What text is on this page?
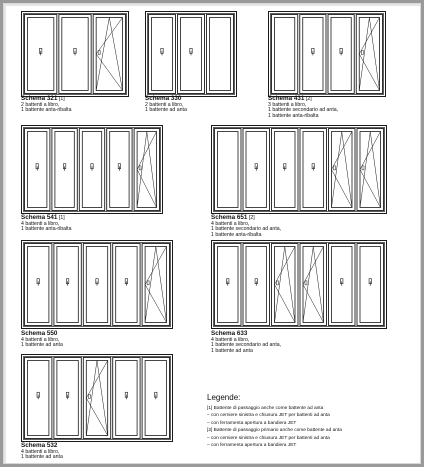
Schema 321 [1]
2 battenti a libro,
1 battente anta-ribalta
Schema 330
2 battenti a libro,
1 battente ad anta
Schema 431 [2]
3 battenti a libro,
1 battente secondario ad anta,
1 battente anta-ribalta
Schema 541 [1]
4 battenti a libro,
1 battente anta-ribalta
Schema 651 [2]
4 battenti a libro,
1 battente secondario ad anta,
1 battente anta-ribalta
Schema 550
4 battenti a libro,
1 battente ad anta
Schema 633
4 battenti a libro,
1 battente secondario ad anta,
1 battente ad anta
Schema 532
4 battenti a libro,
1 battente ad anta
Legende:
[1] Battente di passaggio anche come battente ad anta
– con cerniere sinistra e chiusura JET per battenti ad anta
– con ferramenta apertura a bandiera JET
[2] Battente di passaggio primario anche come battente ad anta
– con cerniere sinistra e chiusura JET per battenti ad anta
– con ferramenta apertura a bandiera JET
